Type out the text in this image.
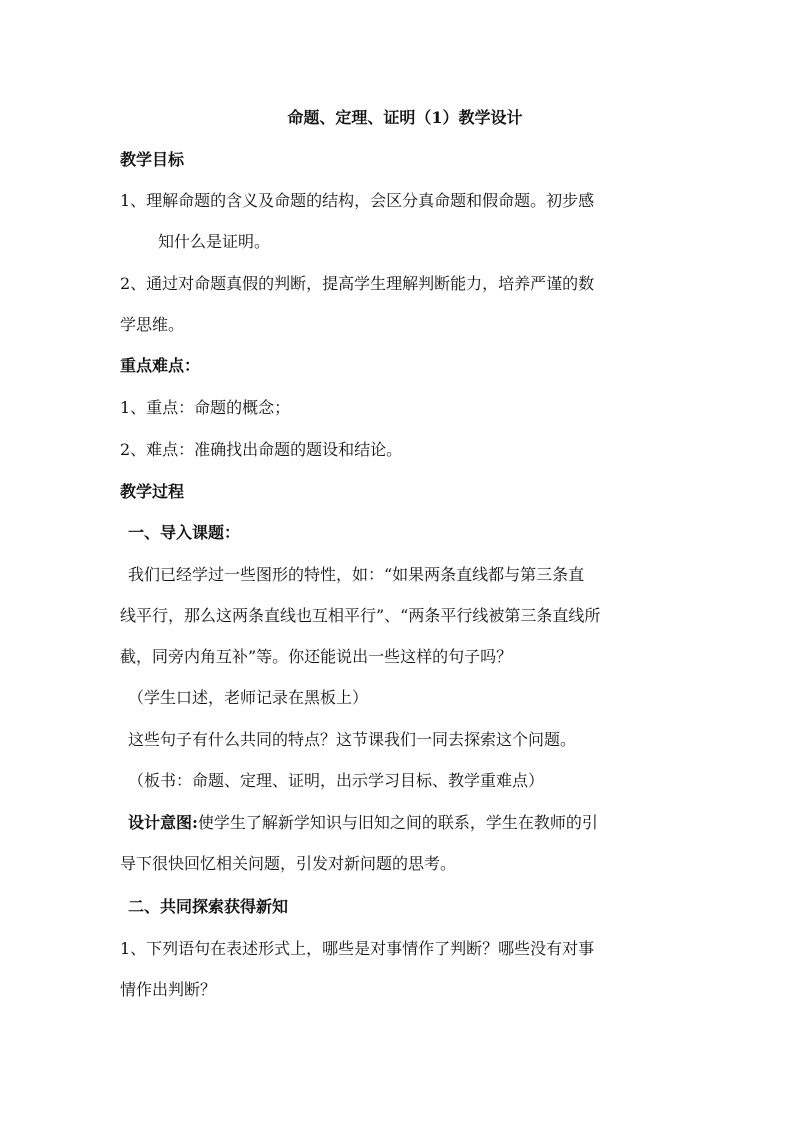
命题、定理、证明（1）教学设计

教学目标

1、理解命题的含义及命题的结构，会区分真命题和假命题。初步感

知什么是证明。

2、通过对命题真假的判断，提高学生理解判断能力，培养严谨的数

学思维。

重点难点：

1、重点：命题的概念；

2、难点：准确找出命题的题设和结论。

教学过程

一、导入课题：

我们已经学过一些图形的特性，如：“如果两条直线都与第三条直

线平行，那么这两条直线也互相平行”、“两条平行线被第三条直线所

截，同旁内角互补”等。你还能说出一些这样的句子吗？

（学生口述，老师记录在黑板上）

这些句子有什么共同的特点？这节课我们一同去探索这个问题。

（板书：命题、定理、证明，出示学习目标、教学重难点）

设计意图:使学生了解新学知识与旧知之间的联系，学生在教师的引

导下很快回忆相关问题，引发对新问题的思考。

二、共同探索获得新知

1、下列语句在表述形式上，哪些是对事情作了判断？哪些没有对事

情作出判断？
